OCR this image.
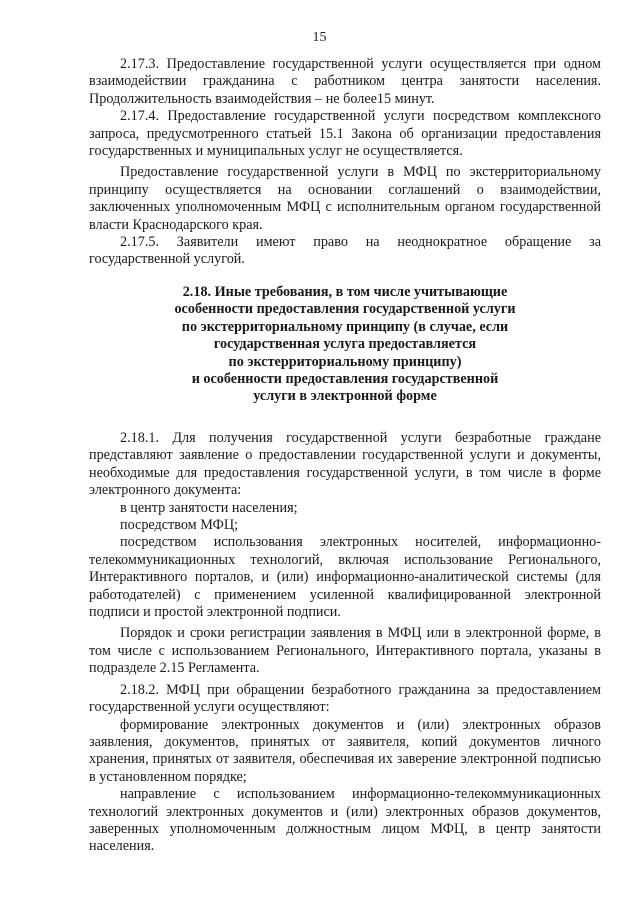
15

2.17.3. Предоставление государственной услуги осуществляется при одном взаимодействии гражданина с работником центра занятости населения. Продолжительность взаимодействия – не более15 минут.

2.17.4. Предоставление государственной услуги посредством комплексного запроса, предусмотренного статьей 15.1 Закона об организации предоставления государственных и муниципальных услуг не осуществляется.

Предоставление государственной услуги в МФЦ по экстерриториальному принципу осуществляется на основании соглашений о взаимодействии, заключенных уполномоченным МФЦ с исполнительным органом государственной власти Краснодарского края.

2.17.5. Заявители имеют право на неоднократное обращение за государственной услугой.

2.18. Иные требования, в том числе учитывающие
особенности предоставления государственной услуги
по экстерриториальному принципу (в случае, если
государственная услуга предоставляется
по экстерриториальному принципу)
и особенности предоставления государственной
услуги в электронной форме

2.18.1. Для получения государственной услуги безработные граждане представляют заявление о предоставлении государственной услуги и документы, необходимые для предоставления государственной услуги, в том числе в форме электронного документа:

в центр занятости населения;

посредством МФЦ;

посредством использования электронных носителей, информационно-телекоммуникационных технологий, включая использование Регионального, Интерактивного порталов, и (или) информационно-аналитической системы (для работодателей) с применением усиленной квалифицированной электронной подписи и простой электронной подписи.

Порядок и сроки регистрации заявления в МФЦ или в электронной форме, в том числе с использованием Регионального, Интерактивного портала, указаны в подразделе 2.15 Регламента.

2.18.2. МФЦ при обращении безработного гражданина за предоставлением государственной услуги осуществляют:

формирование электронных документов и (или) электронных образов заявления, документов, принятых от заявителя, копий документов личного хранения, принятых от заявителя, обеспечивая их заверение электронной подписью в установленном порядке;

направление с использованием информационно-телекоммуникационных технологий электронных документов и (или) электронных образов документов, заверенных уполномоченным должностным лицом МФЦ, в центр занятости населения.
